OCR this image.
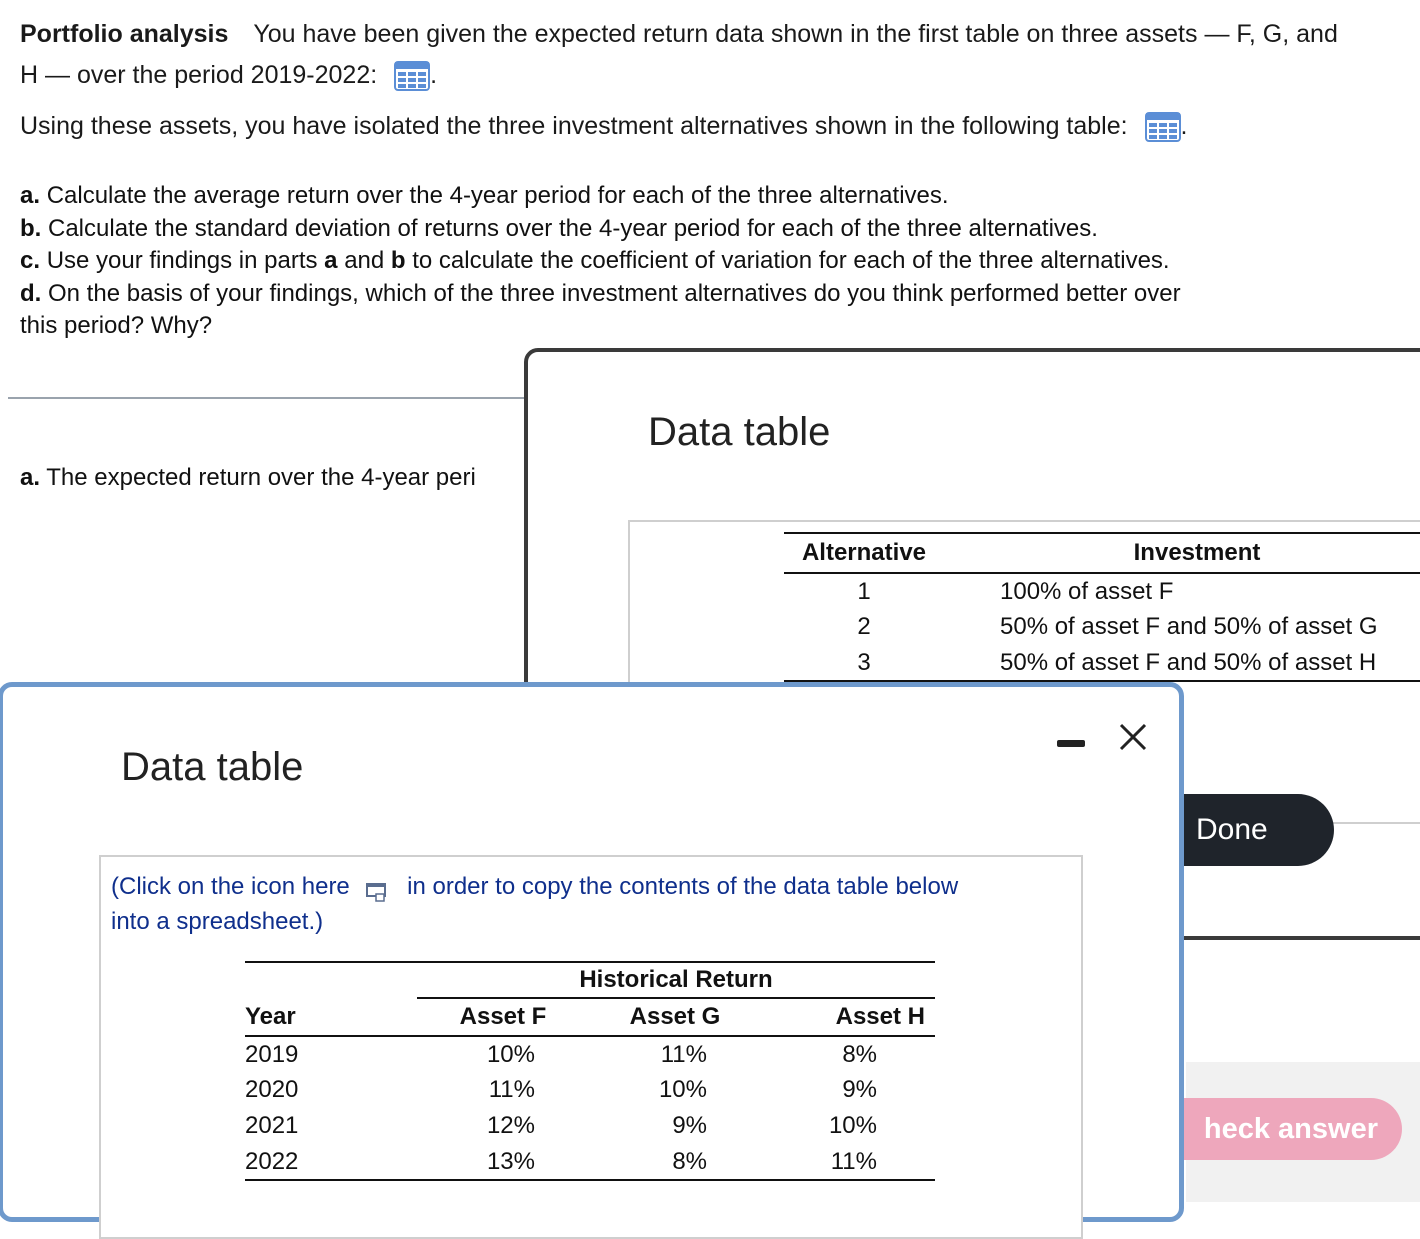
Portfolio analysis You have been given the expected return data shown in the first table on three assets — F, G, and
H — over the period 2019-2022: .
Using these assets, you have isolated the three investment alternatives shown in the following table: .
a. Calculate the average return over the 4-year period for each of the three alternatives.
b. Calculate the standard deviation of returns over the 4-year period for each of the three alternatives.
c. Use your findings in parts a and b to calculate the coefficient of variation for each of the three alternatives.
d. On the basis of your findings, which of the three investment alternatives do you think performed better over
this period? Why?
a. The expected return over the 4-year peri
Data table
Alternative	Investment
1	100% of asset F
2	50% of asset F and 50% of asset G
3	50% of asset F and 50% of asset H
Done
heck answer
Data table
(Click on the icon here in order to copy the contents of the data table below
into a spreadsheet.)
	Historical Return		
Year	Asset F	Asset G	Asset H
2019	10%	11%	8%
2020	11%	10%	9%
2021	12%	9%	10%
2022	13%	8%	11%
